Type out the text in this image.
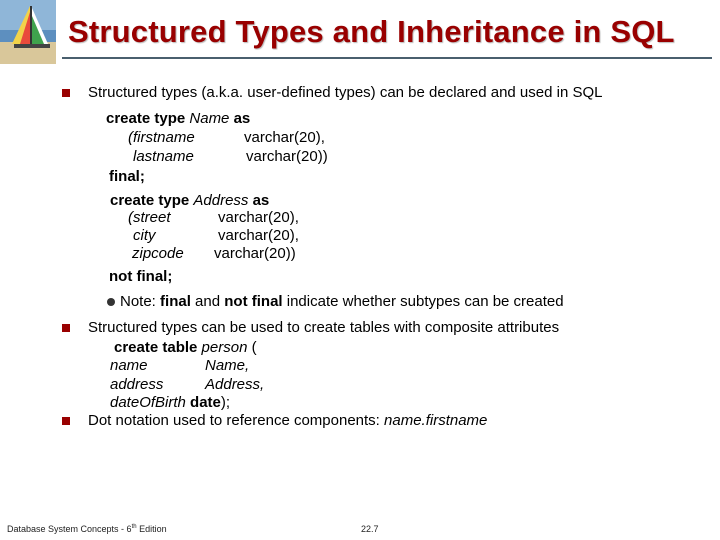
Structured Types and Inheritance in SQL
Structured types (a.k.a. user-defined types) can be declared and used in SQL
create type Name as
(firstname	varchar(20),
lastname	varchar(20))
final;
create type Address as
(street	varchar(20),
city	varchar(20),
zipcode varchar(20))
not final;
Note: final and not final indicate whether subtypes can be created
Structured types can be used to create tables with composite attributes
create table person (
name	Name,
address	Address,
dateOfBirth date);
Dot notation used to reference components: name.firstname
Database System Concepts - 6th Edition	22.7
